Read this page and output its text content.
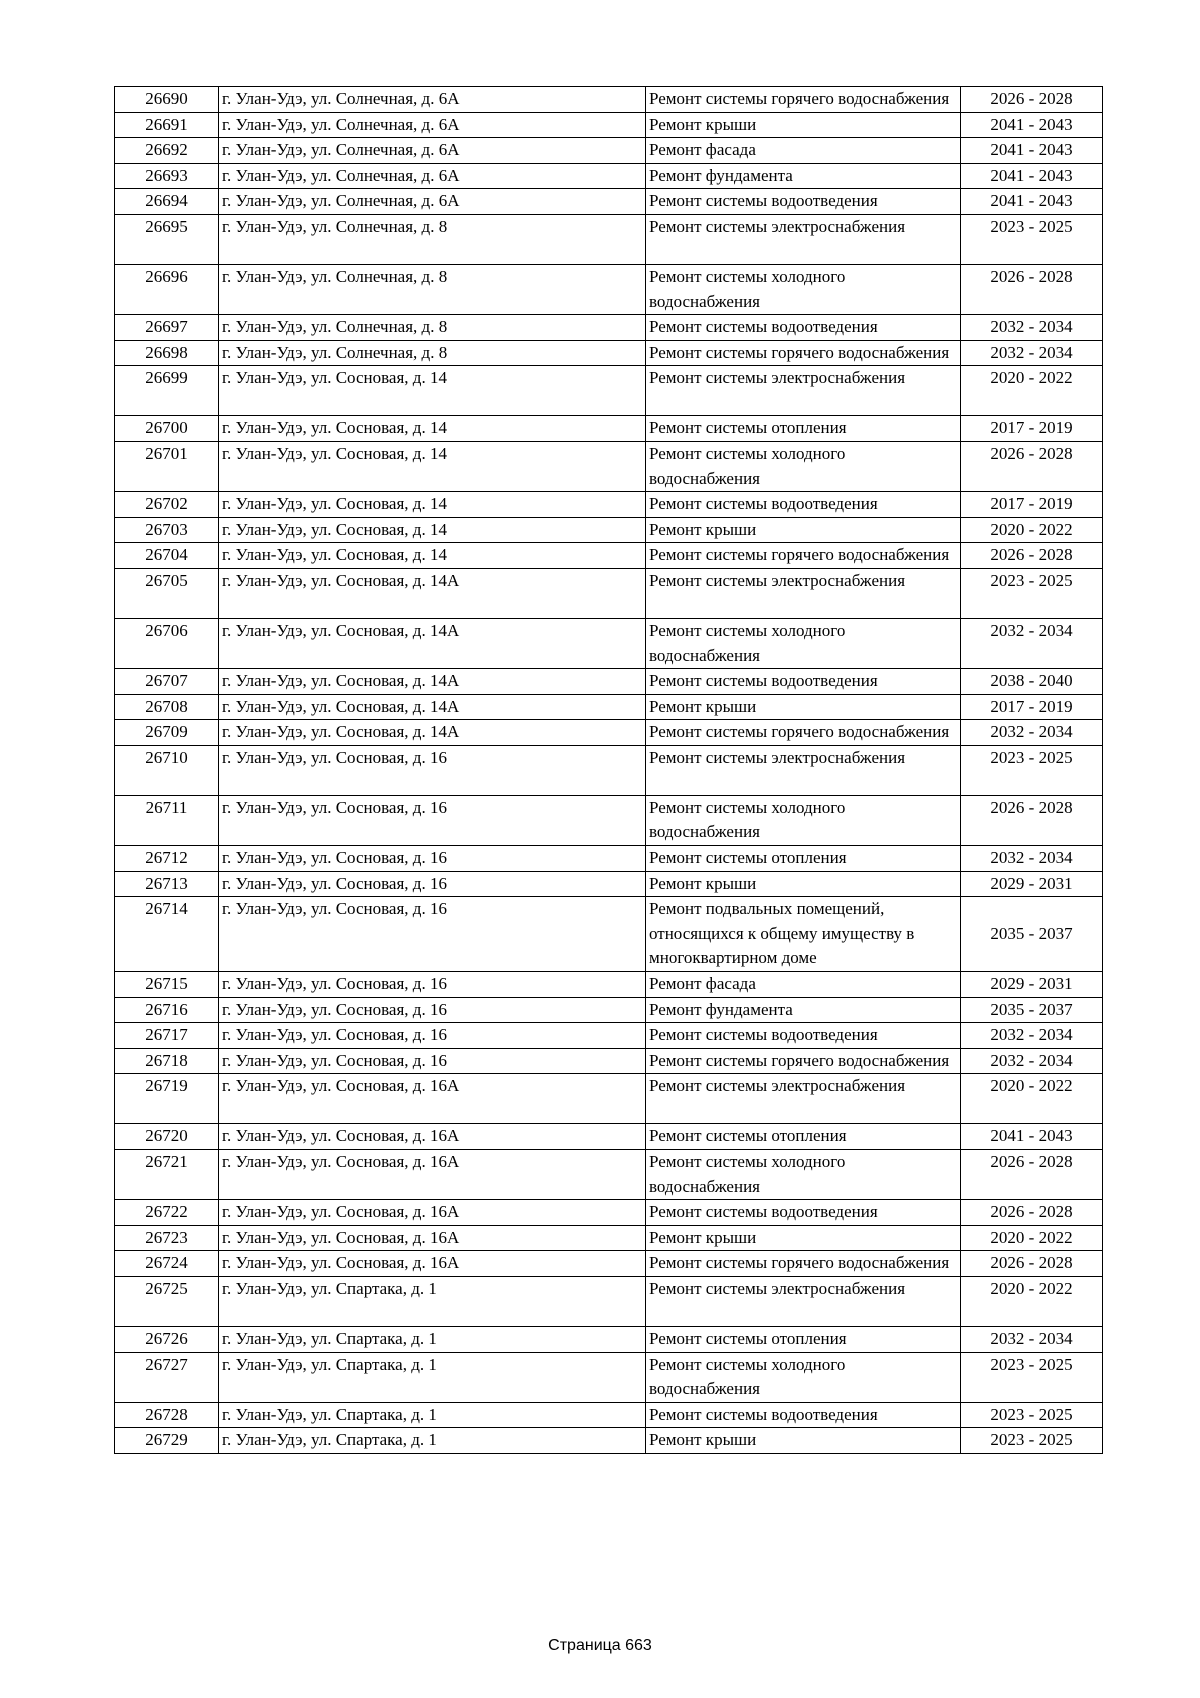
26690	г. Улан-Удэ, ул. Солнечная, д. 6А	Ремонт системы горячего водоснабжения	2026 - 2028
26691	г. Улан-Удэ, ул. Солнечная, д. 6А	Ремонт крыши	2041 - 2043
26692	г. Улан-Удэ, ул. Солнечная, д. 6А	Ремонт фасада	2041 - 2043
26693	г. Улан-Удэ, ул. Солнечная, д. 6А	Ремонт фундамента	2041 - 2043
26694	г. Улан-Удэ, ул. Солнечная, д. 6А	Ремонт системы водоотведения	2041 - 2043
26695	г. Улан-Удэ, ул. Солнечная, д. 8	Ремонт системы электроснабжения	2023 - 2025
26696	г. Улан-Удэ, ул. Солнечная, д. 8	Ремонт системы холодного водоснабжения	2026 - 2028
26697	г. Улан-Удэ, ул. Солнечная, д. 8	Ремонт системы водоотведения	2032 - 2034
26698	г. Улан-Удэ, ул. Солнечная, д. 8	Ремонт системы горячего водоснабжения	2032 - 2034
26699	г. Улан-Удэ, ул. Сосновая, д. 14	Ремонт системы электроснабжения	2020 - 2022
26700	г. Улан-Удэ, ул. Сосновая, д. 14	Ремонт системы отопления	2017 - 2019
26701	г. Улан-Удэ, ул. Сосновая, д. 14	Ремонт системы холодного водоснабжения	2026 - 2028
26702	г. Улан-Удэ, ул. Сосновая, д. 14	Ремонт системы водоотведения	2017 - 2019
26703	г. Улан-Удэ, ул. Сосновая, д. 14	Ремонт крыши	2020 - 2022
26704	г. Улан-Удэ, ул. Сосновая, д. 14	Ремонт системы горячего водоснабжения	2026 - 2028
26705	г. Улан-Удэ, ул. Сосновая, д. 14А	Ремонт системы электроснабжения	2023 - 2025
26706	г. Улан-Удэ, ул. Сосновая, д. 14А	Ремонт системы холодного водоснабжения	2032 - 2034
26707	г. Улан-Удэ, ул. Сосновая, д. 14А	Ремонт системы водоотведения	2038 - 2040
26708	г. Улан-Удэ, ул. Сосновая, д. 14А	Ремонт крыши	2017 - 2019
26709	г. Улан-Удэ, ул. Сосновая, д. 14А	Ремонт системы горячего водоснабжения	2032 - 2034
26710	г. Улан-Удэ, ул. Сосновая, д. 16	Ремонт системы электроснабжения	2023 - 2025
26711	г. Улан-Удэ, ул. Сосновая, д. 16	Ремонт системы холодного водоснабжения	2026 - 2028
26712	г. Улан-Удэ, ул. Сосновая, д. 16	Ремонт системы отопления	2032 - 2034
26713	г. Улан-Удэ, ул. Сосновая, д. 16	Ремонт крыши	2029 - 2031
26714	г. Улан-Удэ, ул. Сосновая, д. 16	Ремонт подвальных помещений, относящихся к общему имуществу в многоквартирном доме	2035 - 2037
26715	г. Улан-Удэ, ул. Сосновая, д. 16	Ремонт фасада	2029 - 2031
26716	г. Улан-Удэ, ул. Сосновая, д. 16	Ремонт фундамента	2035 - 2037
26717	г. Улан-Удэ, ул. Сосновая, д. 16	Ремонт системы водоотведения	2032 - 2034
26718	г. Улан-Удэ, ул. Сосновая, д. 16	Ремонт системы горячего водоснабжения	2032 - 2034
26719	г. Улан-Удэ, ул. Сосновая, д. 16А	Ремонт системы электроснабжения	2020 - 2022
26720	г. Улан-Удэ, ул. Сосновая, д. 16А	Ремонт системы отопления	2041 - 2043
26721	г. Улан-Удэ, ул. Сосновая, д. 16А	Ремонт системы холодного водоснабжения	2026 - 2028
26722	г. Улан-Удэ, ул. Сосновая, д. 16А	Ремонт системы водоотведения	2026 - 2028
26723	г. Улан-Удэ, ул. Сосновая, д. 16А	Ремонт крыши	2020 - 2022
26724	г. Улан-Удэ, ул. Сосновая, д. 16А	Ремонт системы горячего водоснабжения	2026 - 2028
26725	г. Улан-Удэ, ул. Спартака, д. 1	Ремонт системы электроснабжения	2020 - 2022
26726	г. Улан-Удэ, ул. Спартака, д. 1	Ремонт системы отопления	2032 - 2034
26727	г. Улан-Удэ, ул. Спартака, д. 1	Ремонт системы холодного водоснабжения	2023 - 2025
26728	г. Улан-Удэ, ул. Спартака, д. 1	Ремонт системы водоотведения	2023 - 2025
26729	г. Улан-Удэ, ул. Спартака, д. 1	Ремонт крыши	2023 - 2025
Страница 663
